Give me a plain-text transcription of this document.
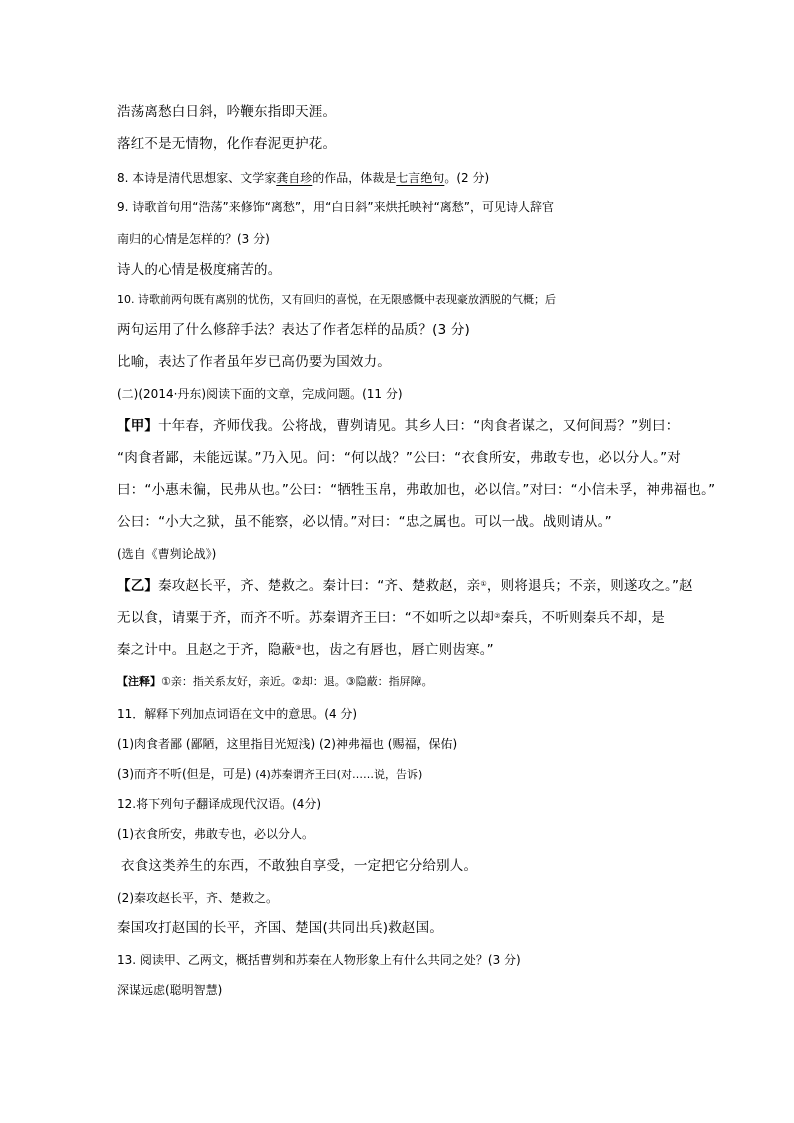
浩荡离愁白日斜，吟鞭东指即天涯。
落红不是无情物，化作春泥更护花。
8. 本诗是清代思想家、文学家龚自珍的作品，体裁是七言绝句。(2 分)
9. 诗歌首句用“浩荡”来修饰“离愁”，用“白日斜”来烘托映衬“离愁”，可见诗人辞官
南归的心情是怎样的？(3 分)
诗人的心情是极度痛苦的。
10. 诗歌前两句既有离别的忧伤，又有回归的喜悦，在无限感慨中表现豪放洒脱的气概；后
两句运用了什么修辞手法？表达了作者怎样的品质？(3 分)
比喻，表达了作者虽年岁已高仍要为国效力。
(二)(2014·丹东)阅读下面的文章，完成问题。(11 分)
【甲】十年春，齐师伐我。公将战，曹刿请见。其乡人曰：“肉食者谋之，又何间焉？”刿曰：
“肉食者鄙，未能远谋。”乃入见。问：“何以战？”公曰：“衣食所安，弗敢专也，必以分人。”对
曰：“小惠未徧，民弗从也。”公曰：“牺牲玉帛，弗敢加也，必以信。”对曰：“小信未孚，神弗福也。”
公曰：“小大之狱，虽不能察，必以情。”对曰：“忠之属也。可以一战。战则请从。”
(选自《曹刿论战》)
【乙】秦攻赵长平，齐、楚救之。秦计曰：“齐、楚救赵，亲①，则将退兵；不亲，则遂攻之。”赵
无以食，请粟于齐，而齐不听。苏秦谓齐王曰：“不如听之以却②秦兵，不听则秦兵不却，是
秦之计中。且赵之于齐，隐蔽③也，齿之有唇也，唇亡则齿寒。”
【注释】①亲：指关系友好，亲近。②却：退。③隐蔽：指屏障。
11．解释下列加点词语在文中的意思。(4 分)
(1)肉食者鄙 (鄙陋，这里指目光短浅) (2)神弗福也 (赐福，保佑)
(3)而齐不听(但是，可是) (4)苏秦谓齐王曰(对……说，告诉)
12.将下列句子翻译成现代汉语。(4分)
(1)衣食所安，弗敢专也，必以分人。
衣食这类养生的东西，不敢独自享受，一定把它分给别人。
(2)秦攻赵长平，齐、楚救之。
秦国攻打赵国的长平，齐国、楚国(共同出兵)救赵国。
13. 阅读甲、乙两文，概括曹刿和苏秦在人物形象上有什么共同之处？(3 分)
深谋远虑(聪明智慧)
